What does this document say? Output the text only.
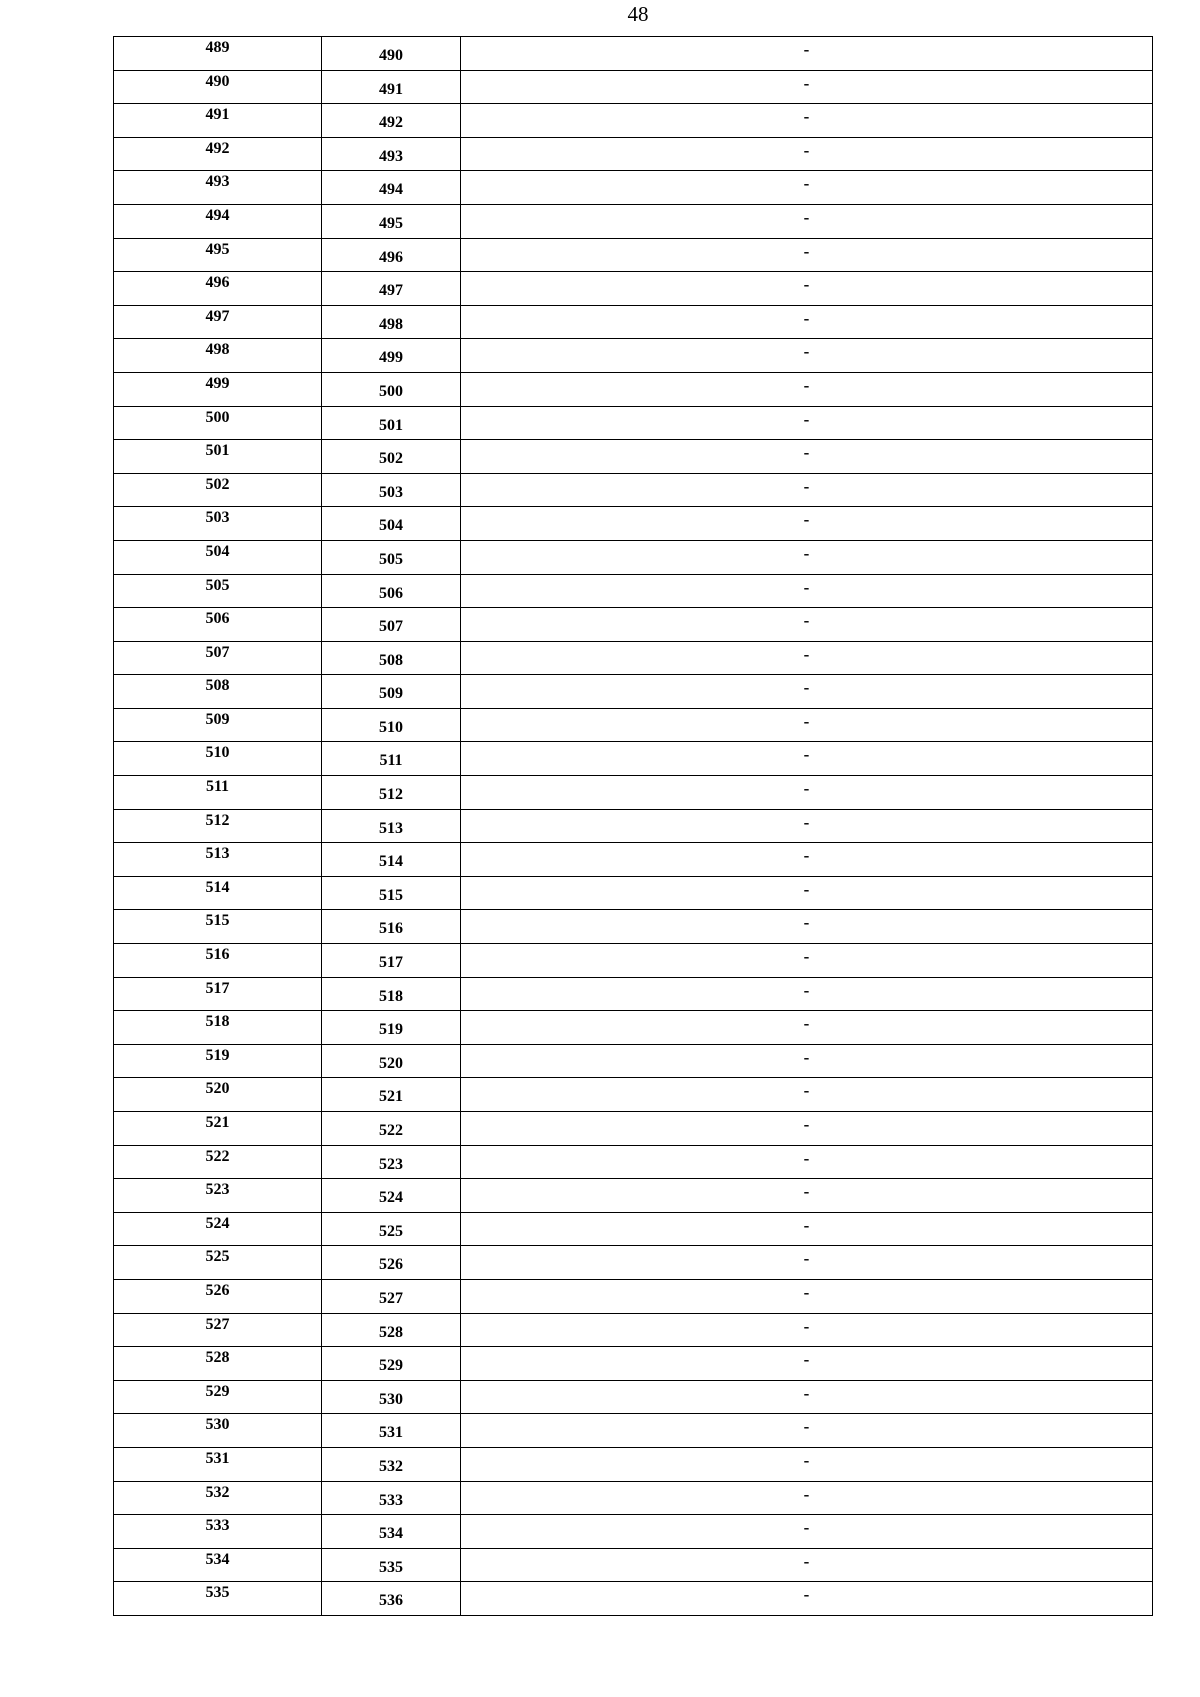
48
489	490	-

490	491	-

491	492	-

492	493	-

493	494	-

494	495	-

495	496	-

496	497	-

497	498	-

498	499	-

499	500	-

500	501	-

501	502	-

502	503	-

503	504	-

504	505	-

505	506	-

506	507	-

507	508	-

508	509	-

509	510	-

510	511	-

511	512	-

512	513	-

513	514	-

514	515	-

515	516	-

516	517	-

517	518	-

518	519	-

519	520	-

520	521	-

521	522	-

522	523	-

523	524	-

524	525	-

525	526	-

526	527	-

527	528	-

528	529	-

529	530	-

530	531	-

531	532	-

532	533	-

533	534	-

534	535	-

535	536	-
